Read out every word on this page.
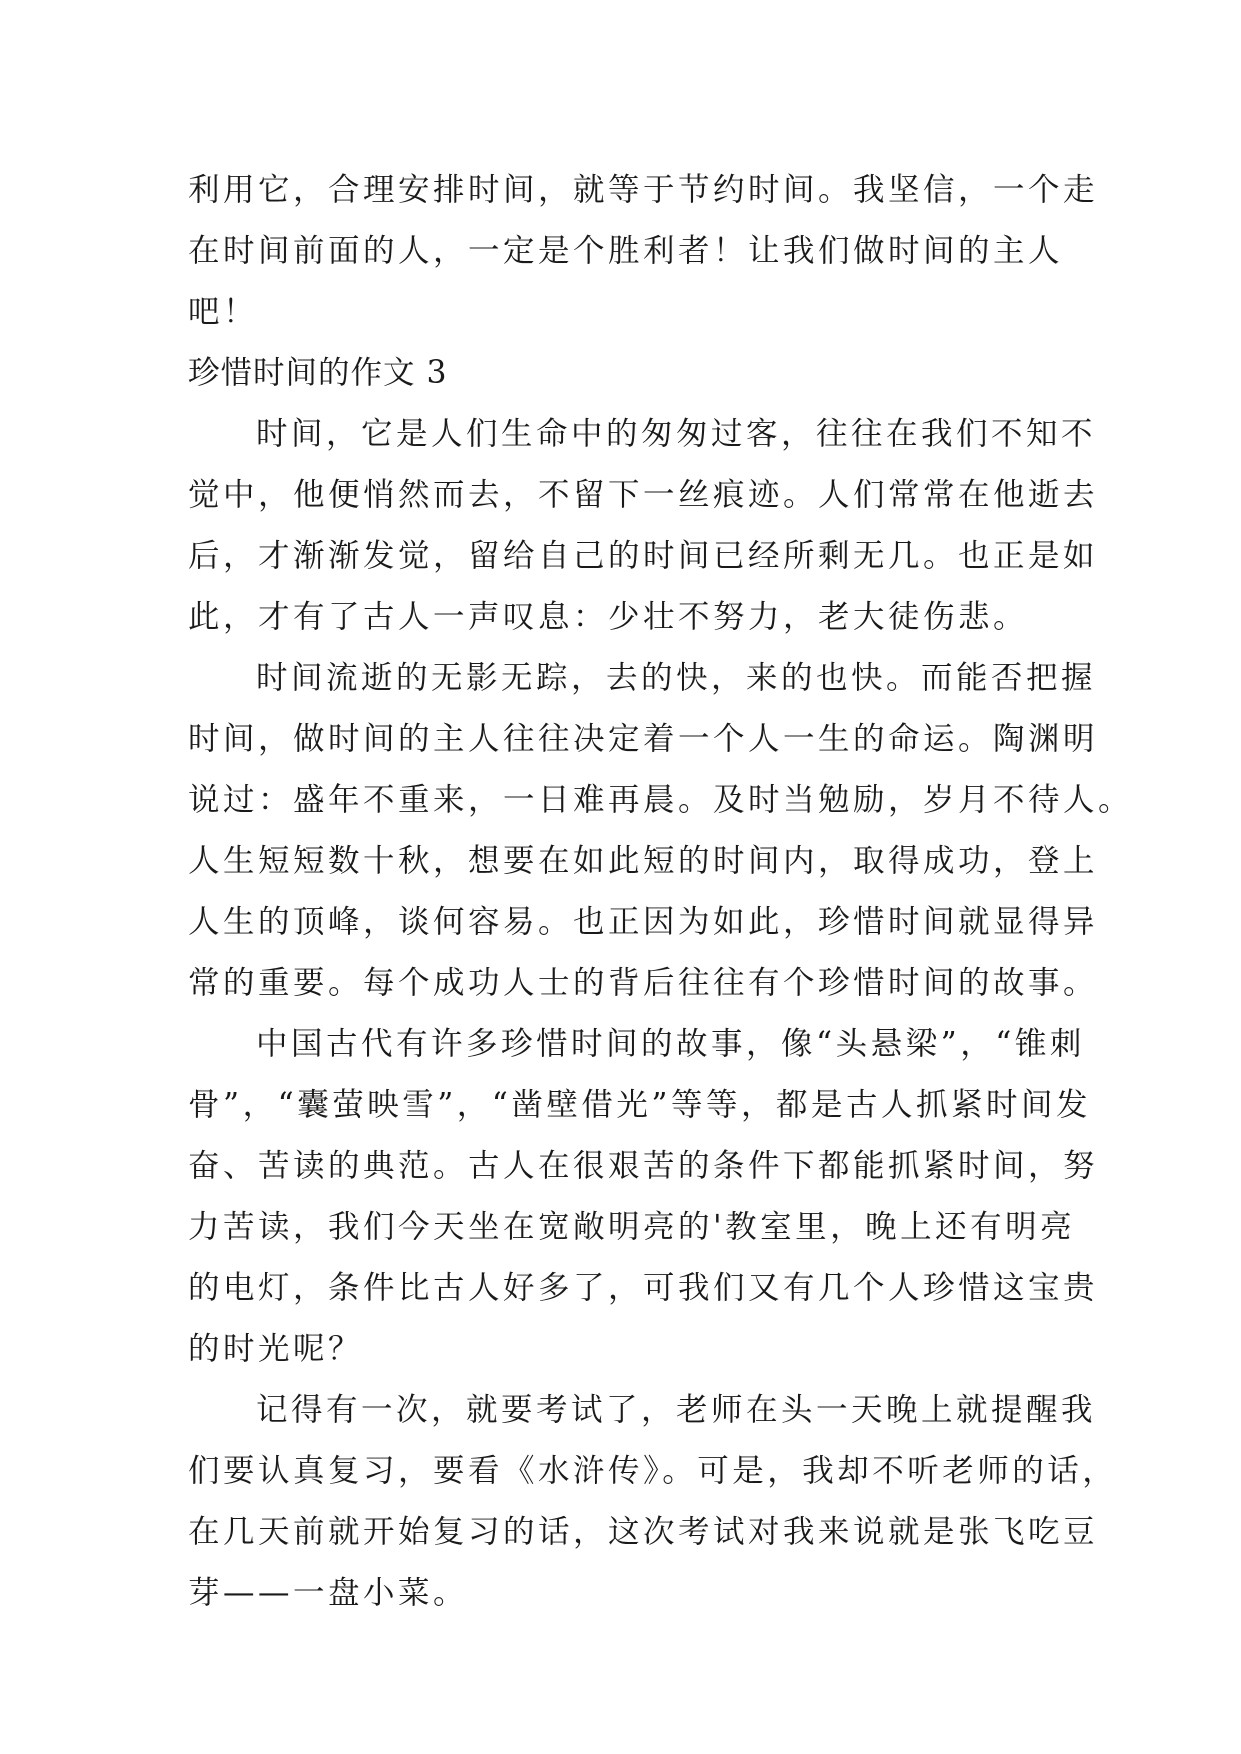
利用它，合理安排时间，就等于节约时间。我坚信，一个走
在时间前面的人，一定是个胜利者！让我们做时间的主人
吧！
珍惜时间的作文 3
时间，它是人们生命中的匆匆过客，往往在我们不知不
觉中，他便悄然而去，不留下一丝痕迹。人们常常在他逝去
后，才渐渐发觉，留给自己的时间已经所剩无几。也正是如
此，才有了古人一声叹息：少壮不努力，老大徒伤悲。
时间流逝的无影无踪，去的快，来的也快。而能否把握
时间，做时间的主人往往决定着一个人一生的命运。陶渊明
说过：盛年不重来，一日难再晨。及时当勉励，岁月不待人。
人生短短数十秋，想要在如此短的时间内，取得成功，登上
人生的顶峰，谈何容易。也正因为如此，珍惜时间就显得异
常的重要。每个成功人士的背后往往有个珍惜时间的故事。
中国古代有许多珍惜时间的故事，像“头悬梁”，“锥刺
骨”，“囊萤映雪”，“凿壁借光”等等，都是古人抓紧时间发
奋、苦读的典范。古人在很艰苦的条件下都能抓紧时间，努
力苦读，我们今天坐在宽敞明亮的'教室里，晚上还有明亮
的电灯，条件比古人好多了，可我们又有几个人珍惜这宝贵
的时光呢？
记得有一次，就要考试了，老师在头一天晚上就提醒我
们要认真复习，要看《水浒传》。可是，我却不听老师的话，
在几天前就开始复习的话，这次考试对我来说就是张飞吃豆
芽——一盘小菜。
